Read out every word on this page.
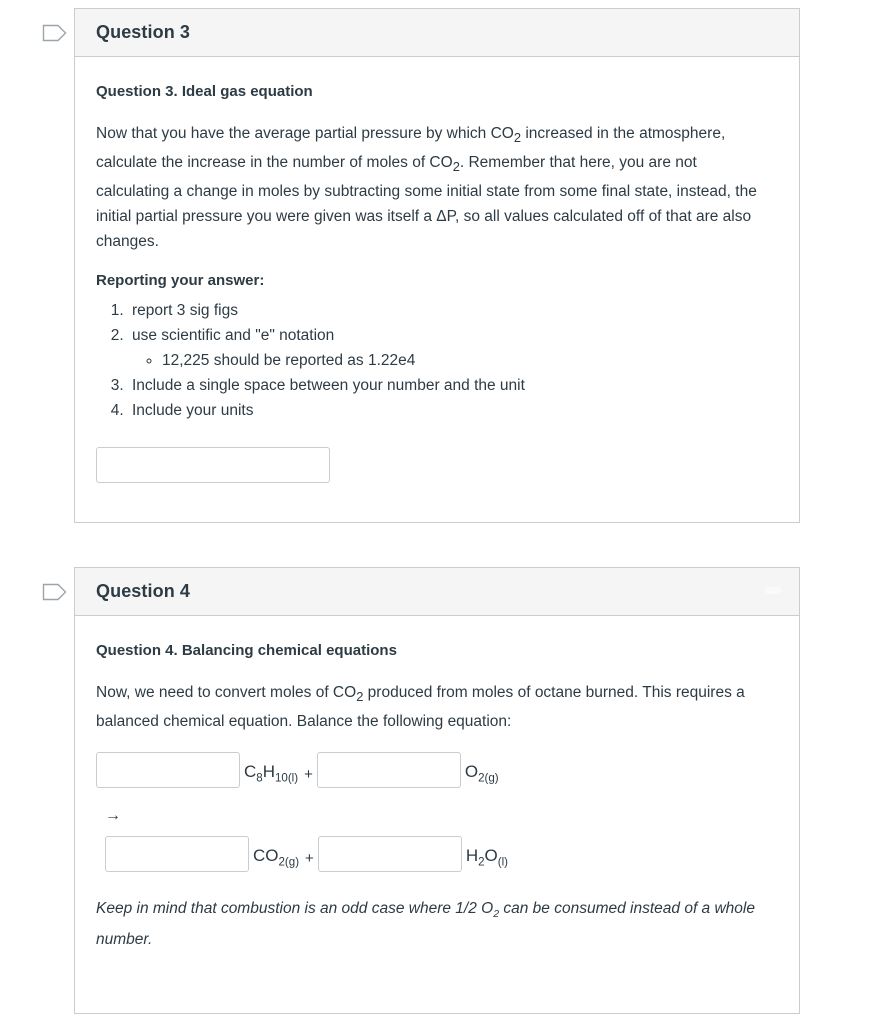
Question 3

Question 3. Ideal gas equation

Now that you have the average partial pressure by which $CO_2$ increased in the atmosphere, calculate the increase in the number of moles of $CO_2$. Remember that here, you are not calculating a change in moles by subtracting some initial state from some final state, instead, the initial partial pressure you were given was itself a ΔP, so all values calculated off of that are also changes.

Reporting your answer:

1. report 3 sig figs
2. use scientific and "e" notation
◦ 12,225 should be reported as 1.22e4
3. Include a single space between your number and the unit
4. Include your units
Question 4

Question 4. Balancing chemical equations

Now, we need to convert moles of $CO_2$ produced from moles of octane burned. This requires a balanced chemical equation. Balance the following equation:

$C_8H_{10(l)}$ +	$O_{2(g)}$
→
$CO_{2(g)}$ +	$H_2O_{(l)}$

Keep in mind that combustion is an odd case where 1/2 $O_2$ can be consumed instead of a whole number.
